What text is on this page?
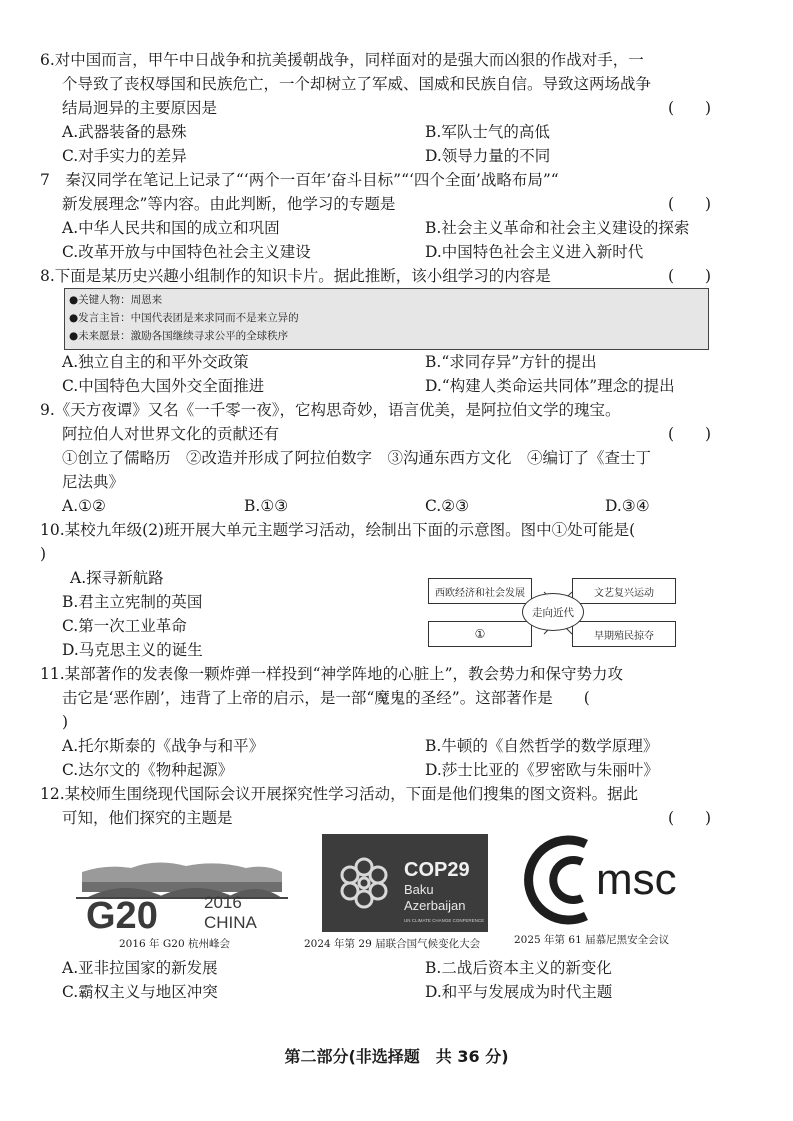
6.对中国而言，甲午中日战争和抗美援朝战争，同样面对的是强大而凶狠的作战对手，一
个导致了丧权辱国和民族危亡，一个却树立了军威、国威和民族自信。导致这两场战争
结局迥异的主要原因是	(　　)
A.武器装备的悬殊	B.军队士气的高低
C.对手实力的差异	D.领导力量的不同
7　秦汉同学在笔记上记录了“‘两个一百年’奋斗目标”“‘四个全面’战略布局”“
新发展理念”等内容。由此判断，他学习的专题是	(　　)
A.中华人民共和国的成立和巩固	B.社会主义革命和社会主义建设的探索
C.改革开放与中国特色社会主义建设	D.中国特色社会主义进入新时代
8.下面是某历史兴趣小组制作的知识卡片。据此推断，该小组学习的内容是	(　　)
●关键人物：周恩来
●发言主旨：中国代表团是来求同而不是来立异的
●未来愿景：激励各国继续寻求公平的全球秩序
A.独立自主的和平外交政策	B.“求同存异”方针的提出
C.中国特色大国外交全面推进	D.“构建人类命运共同体”理念的提出
9.《天方夜谭》又名《一千零一夜》，它构思奇妙，语言优美，是阿拉伯文学的瑰宝。
阿拉伯人对世界文化的贡献还有	(　　)
①创立了儒略历　②改造并形成了阿拉伯数字　③沟通东西方文化　④编订了《查士丁
尼法典》
A.①②	B.①③	C.②③	D.③④
10.某校九年级(2)班开展大单元主题学习活动，绘制出下面的示意图。图中①处可能是(
)
A.探寻新航路
B.君主立宪制的英国
C.第一次工业革命
D.马克思主义的诞生
西欧经济和社会发展	文艺复兴运动
①	早期殖民掠夺
走向近代
11.某部著作的发表像一颗炸弹一样投到“神学阵地的心脏上”，教会势力和保守势力攻
击它是‘恶作剧’，违背了上帝的启示，是一部“魔鬼的圣经”。这部著作是　　(
)
A.托尔斯泰的《战争与和平》	B.牛顿的《自然哲学的数学原理》
C.达尔文的《物种起源》	D.莎士比亚的《罗密欧与朱丽叶》
12.某校师生围绕现代国际会议开展探究性学习活动，下面是他们搜集的图文资料。据此
可知，他们探究的主题是	(　　)
G20	2016
CHINA
2016 年 G20 杭州峰会
COP29
Baku
Azerbaijan
UN CLIMATE CHANGE CONFERENCE
2024 年第 29 届联合国气候变化大会
msc
2025 年第 61 届慕尼黑安全会议
A.亚非拉国家的新发展	B.二战后资本主义的新变化
C.霸权主义与地区冲突	D.和平与发展成为时代主题
第二部分(非选择题　共 36 分)
